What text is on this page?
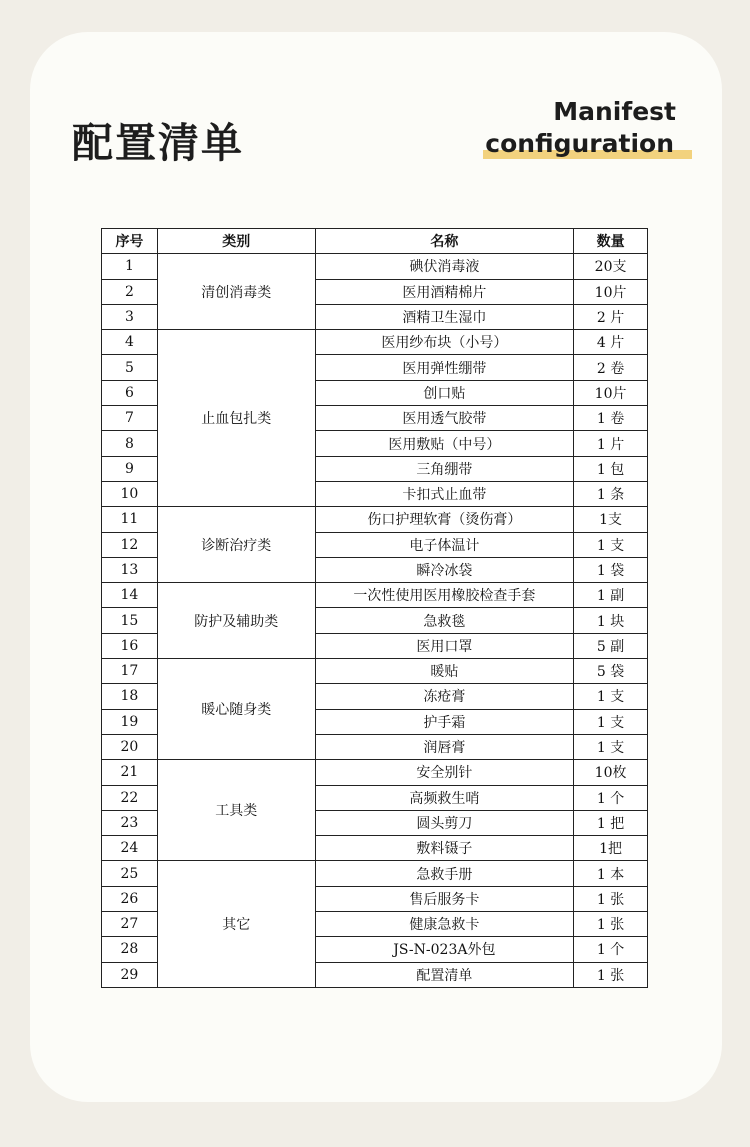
配置清单
Manifest
configuration
序号	类别	名称	数量
1	清创消毒类	碘伏消毒液	20支
2		医用酒精棉片	10片
3		酒精卫生湿巾	2 片
4	止血包扎类	医用纱布块（小号）	4 片
5		医用弹性绷带	2 卷
6		创口贴	10片
7		医用透气胶带	1 卷
8		医用敷贴（中号）	1 片
9		三角绷带	1 包
10		卡扣式止血带	1 条
11	诊断治疗类	伤口护理软膏（烫伤膏）	1支
12		电子体温计	1 支
13		瞬冷冰袋	1 袋
14	防护及辅助类	一次性使用医用橡胶检查手套	1 副
15		急救毯	1 块
16		医用口罩	5 副
17	暖心随身类	暖贴	5 袋
18		冻疮膏	1 支
19		护手霜	1 支
20		润唇膏	1 支
21	工具类	安全别针	10枚
22		高频救生哨	1 个
23		圆头剪刀	1 把
24		敷料镊子	1把
25	其它	急救手册	1 本
26		售后服务卡	1 张
27		健康急救卡	1 张
28		JS-N-023A外包	1 个
29		配置清单	1 张
